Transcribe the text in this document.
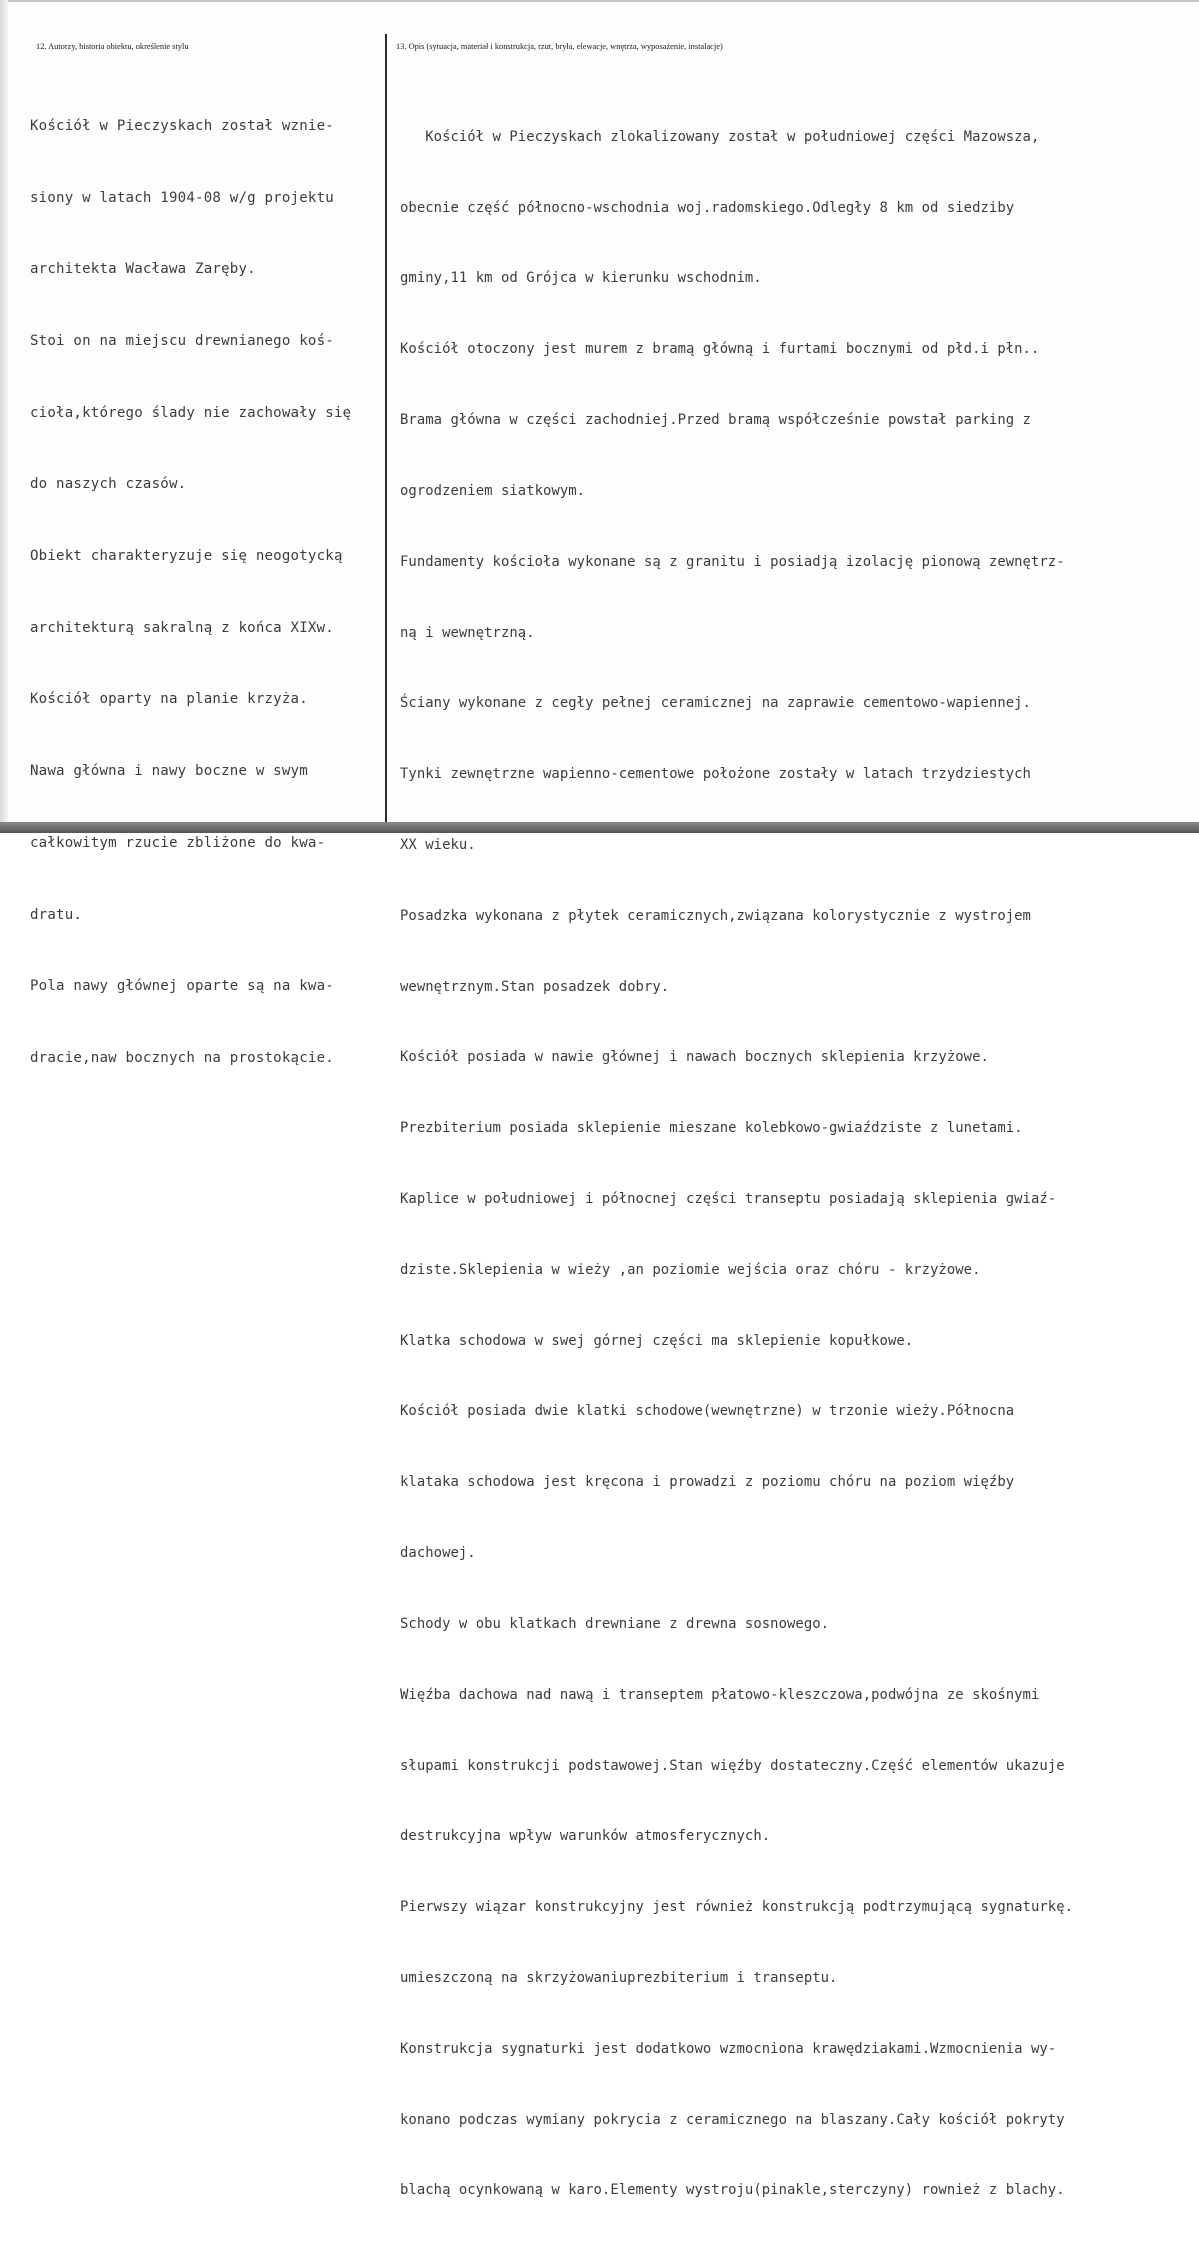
12. Autorzy, historia obiektu, określenie stylu	13. Opis (sytuacja, materiał i konstrukcja, rzut, bryła, elewacje, wnętrza, wyposażenie, instalacje)

Kościół w Pieczyskach został wznie-

siony w latach 1904-08 w/g projektu

architekta Wacława Zaręby.

Stoi on na miejscu drewnianego koś-

cioła,którego ślady nie zachowały się

do naszych czasów.

Obiekt charakteryzuje się neogotycką

architekturą sakralną z końca XIXw.

Kościół oparty na planie krzyża.

Nawa główna i nawy boczne w swym

całkowitym rzucie zbliżone do kwa-

dratu.

Pola nawy głównej oparte są na kwa-

dracie,naw bocznych na prostokącie.

Kościół w Pieczyskach zlokalizowany został w południowej części Mazowsza,

obecnie część północno-wschodnia woj.radomskiego.Odległy 8 km od siedziby

gminy,11 km od Grójca w kierunku wschodnim.

Kościół otoczony jest murem z bramą główną i furtami bocznymi od płd.i płn..

Brama główna w części zachodniej.Przed bramą współcześnie powstał parking z

ogrodzeniem siatkowym.

Fundamenty kościoła wykonane są z granitu i posiadją izolację pionową zewnętrz-

ną i wewnętrzną.

Ściany wykonane z cegły pełnej ceramicznej na zaprawie cementowo-wapiennej.

Tynki zewnętrzne wapienno-cementowe położone zostały w latach trzydziestych

XX wieku.

Posadzka wykonana z płytek ceramicznych,związana kolorystycznie z wystrojem

wewnętrznym.Stan posadzek dobry.

Kościół posiada w nawie głównej i nawach bocznych sklepienia krzyżowe.

Prezbiterium posiada sklepienie mieszane kolebkowo-gwiaździste z lunetami.

Kaplice w południowej i północnej części transeptu posiadają sklepienia gwiaź-

dziste.Sklepienia w wieży ,an poziomie wejścia oraz chóru - krzyżowe.

Klatka schodowa w swej górnej części ma sklepienie kopułkowe.

Kościół posiada dwie klatki schodowe(wewnętrzne) w trzonie wieży.Północna

klataka schodowa jest kręcona i prowadzi z poziomu chóru na poziom więźby

dachowej.

Schody w obu klatkach drewniane z drewna sosnowego.

Więźba dachowa nad nawą i transeptem płatowo-kleszczowa,podwójna ze skośnymi

słupami konstrukcji podstawowej.Stan więźby dostateczny.Część elementów ukazuje

destrukcyjna wpływ warunków atmosferycznych.

Pierwszy wiązar konstrukcyjny jest również konstrukcją podtrzymującą sygnaturkę.

umieszczoną na skrzyżowaniuprezbiterium i transeptu.

Konstrukcja sygnaturki jest dodatkowo wzmocniona krawędziakami.Wzmocnienia wy-

konano podczas wymiany pokrycia z ceramicznego na blaszany.Cały kościół pokryty

blachą ocynkowaną w karo.Elementy wystroju(pinakle,sterczyny) rownież z blachy.
